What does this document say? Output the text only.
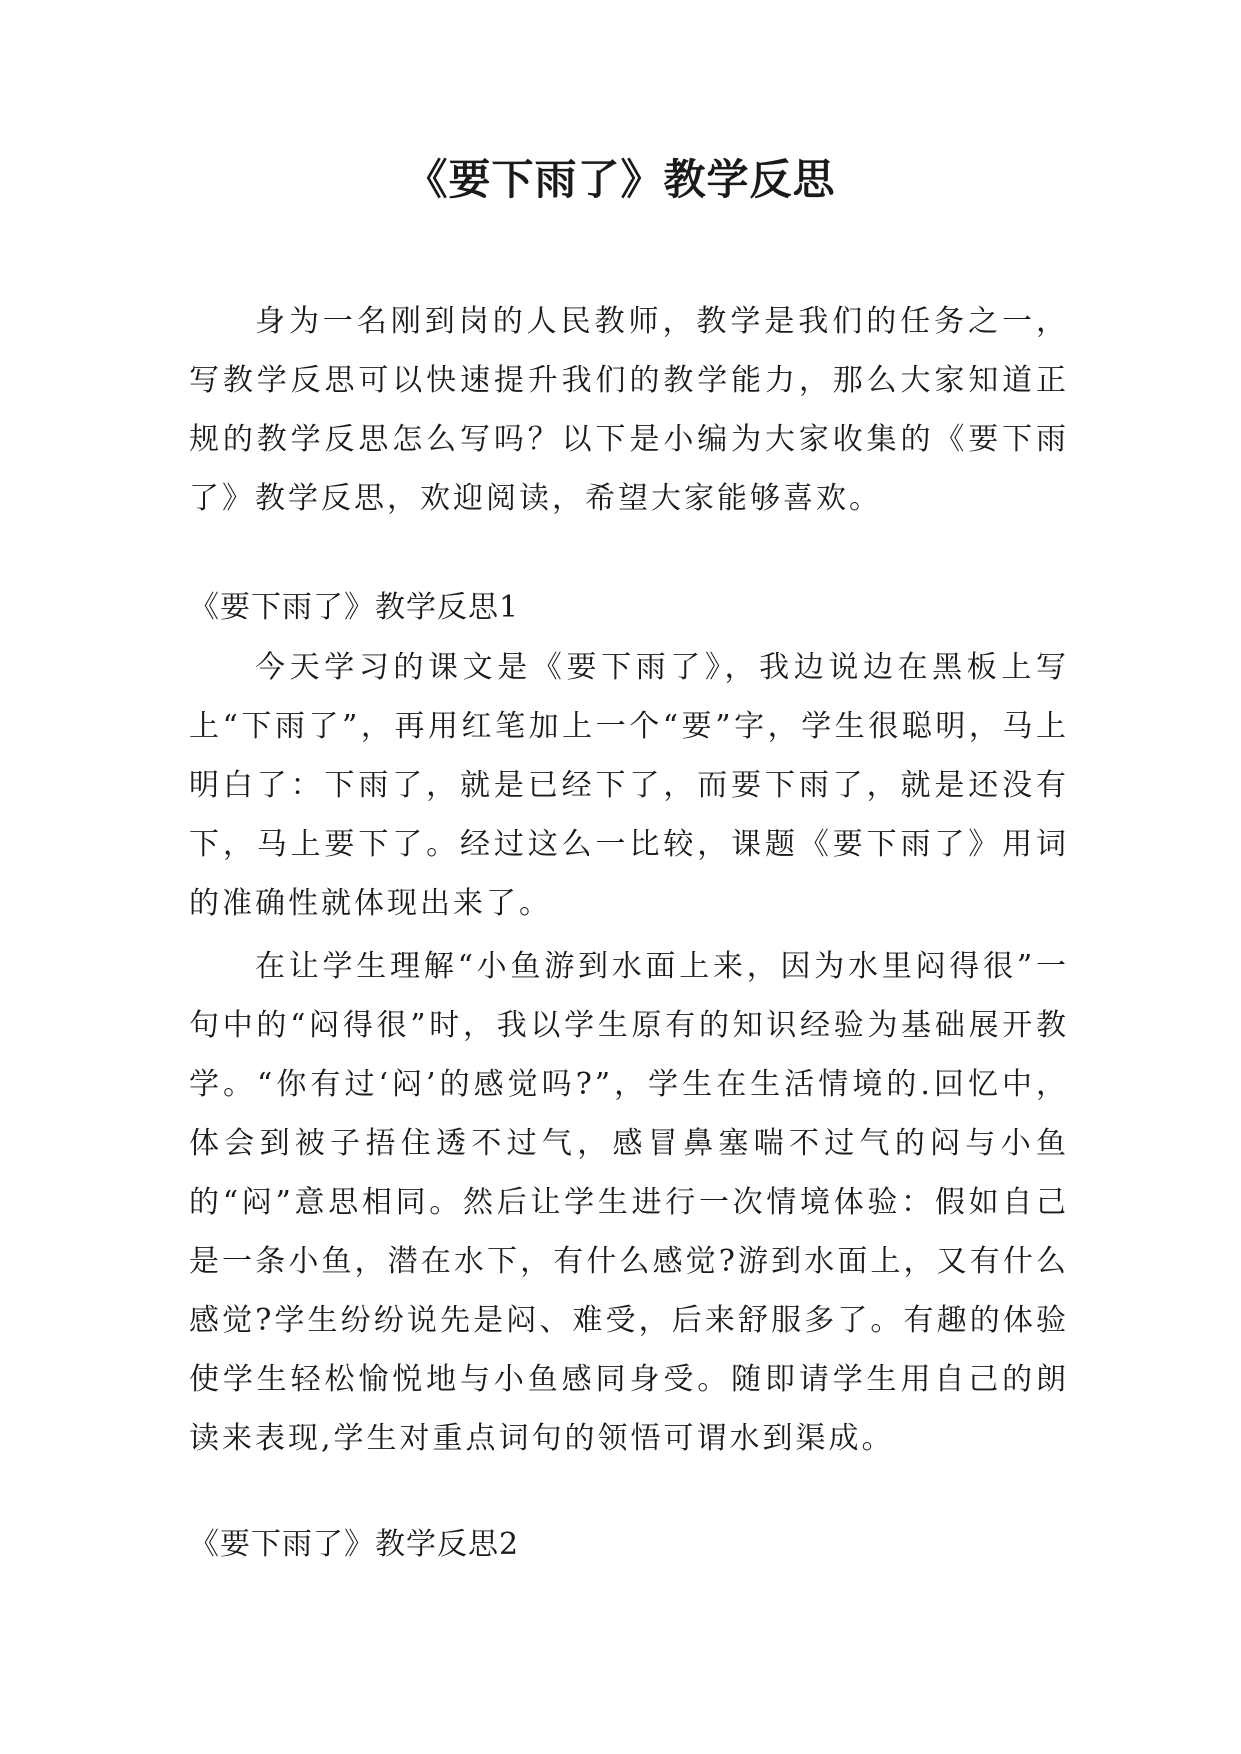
《要下雨了》教学反思

身为一名刚到岗的人民教师，教学是我们的任务之一，写教学反思可以快速提升我们的教学能力，那么大家知道正规的教学反思怎么写吗？以下是小编为大家收集的《要下雨了》教学反思，欢迎阅读，希望大家能够喜欢。

《要下雨了》教学反思1

今天学习的课文是《要下雨了》，我边说边在黑板上写上“下雨了”，再用红笔加上一个“要”字，学生很聪明，马上明白了：下雨了，就是已经下了，而要下雨了，就是还没有下，马上要下了。经过这么一比较，课题《要下雨了》用词的准确性就体现出来了。

在让学生理解“小鱼游到水面上来，因为水里闷得很”一句中的“闷得很”时，我以学生原有的知识经验为基础展开教学。“你有过‘闷’的感觉吗?”，学生在生活情境的.回忆中，体会到被子捂住透不过气，感冒鼻塞喘不过气的闷与小鱼的“闷”意思相同。然后让学生进行一次情境体验：假如自己是一条小鱼，潜在水下，有什么感觉?游到水面上，又有什么感觉?学生纷纷说先是闷、难受，后来舒服多了。有趣的体验使学生轻松愉悦地与小鱼感同身受。随即请学生用自己的朗读来表现,学生对重点词句的领悟可谓水到渠成。

《要下雨了》教学反思2
